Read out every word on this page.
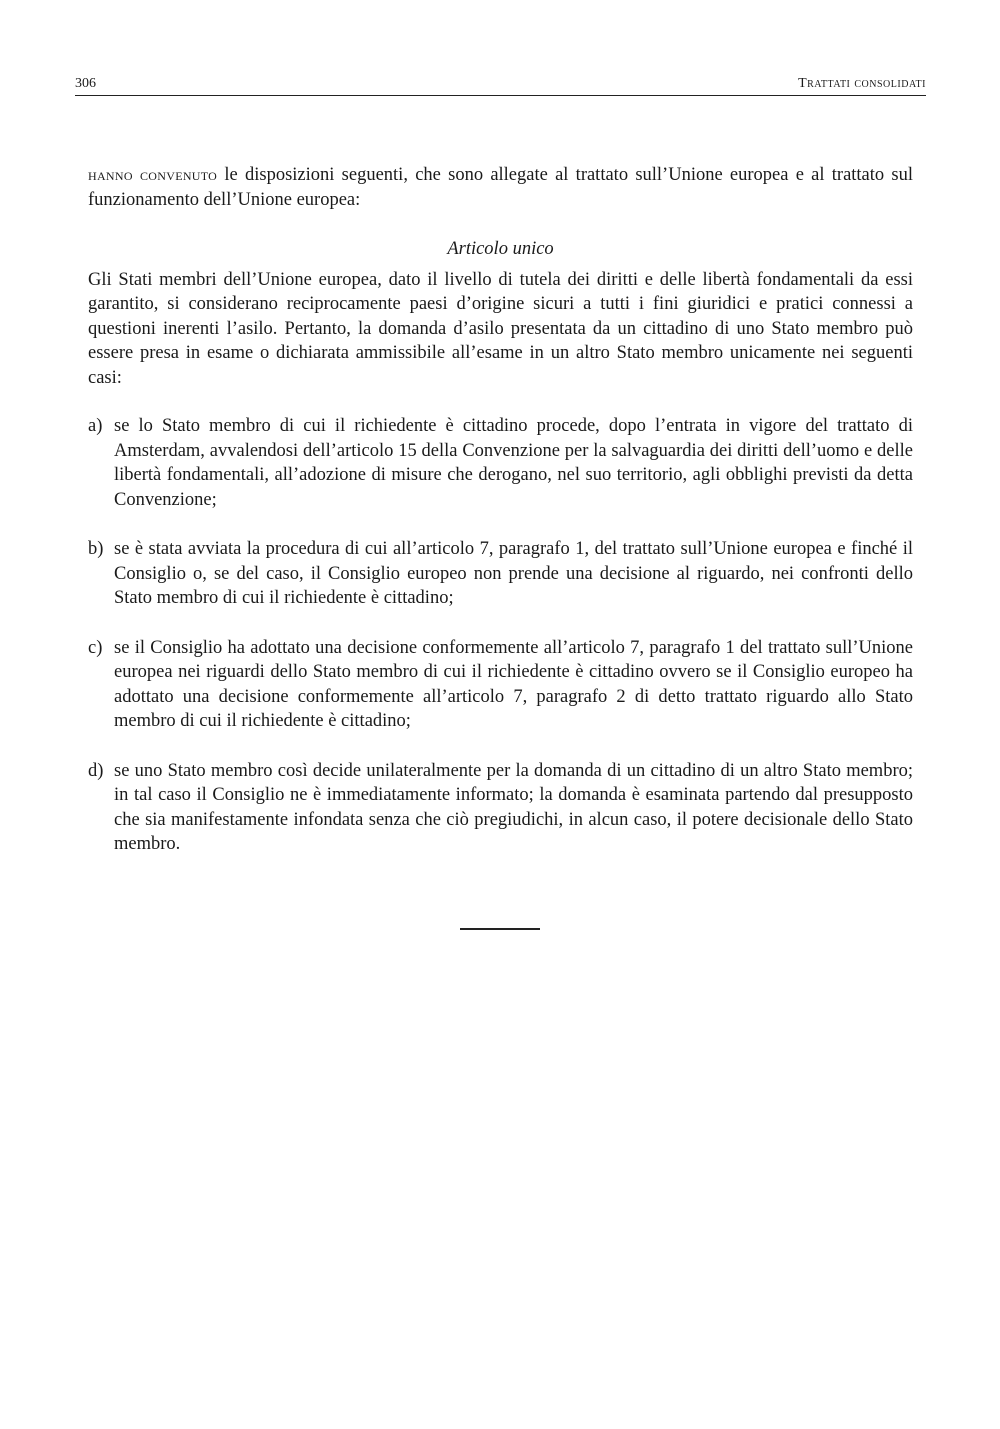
306	Trattati consolidati

hanno convenuto le disposizioni seguenti, che sono allegate al trattato sull’Unione europea e al trattato sul funzionamento dell’Unione europea:

Articolo unico

Gli Stati membri dell’Unione europea, dato il livello di tutela dei diritti e delle libertà fondamentali da essi garantito, si considerano reciprocamente paesi d’origine sicuri a tutti i fini giuridici e pratici connessi a questioni inerenti l’asilo. Pertanto, la domanda d’asilo presentata da un cittadino di uno Stato membro può essere presa in esame o dichiarata ammissibile all’esame in un altro Stato membro unicamente nei seguenti casi:

a) se lo Stato membro di cui il richiedente è cittadino procede, dopo l’entrata in vigore del trattato di Amsterdam, avvalendosi dell’articolo 15 della Convenzione per la salvaguardia dei diritti dell’uomo e delle libertà fondamentali, all’adozione di misure che derogano, nel suo territorio, agli obblighi previsti da detta Convenzione;
b) se è stata avviata la procedura di cui all’articolo 7, paragrafo 1, del trattato sull’Unione europea e finché il Consiglio o, se del caso, il Consiglio europeo non prende una decisione al riguardo, nei confronti dello Stato membro di cui il richiedente è cittadino;
c) se il Consiglio ha adottato una decisione conformemente all’articolo 7, paragrafo 1 del trattato sull’Unione europea nei riguardi dello Stato membro di cui il richiedente è cittadino ovvero se il Consiglio europeo ha adottato una decisione conformemente all’articolo 7, paragrafo 2 di detto trattato riguardo allo Stato membro di cui il richiedente è cittadino;
d) se uno Stato membro così decide unilateralmente per la domanda di un cittadino di un altro Stato membro; in tal caso il Consiglio ne è immediatamente informato; la domanda è esaminata partendo dal presupposto che sia manifestamente infondata senza che ciò pregiudichi, in alcun caso, il potere decisionale dello Stato membro.
